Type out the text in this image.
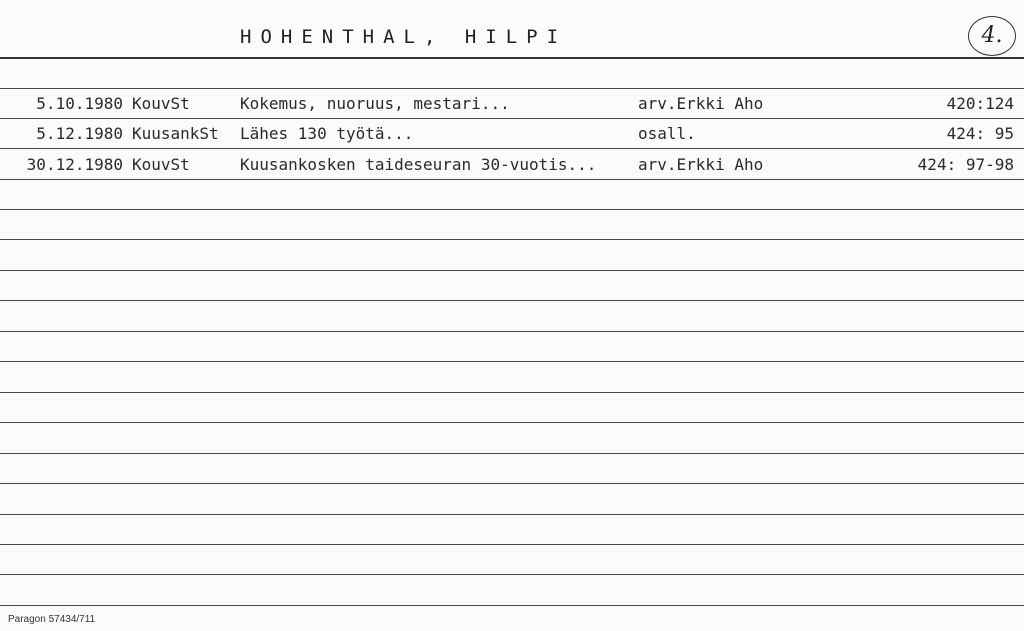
HOHENTHAL, HILPI	4.
5.10.1980 KouvSt	Kokemus, nuoruus, mestari...	arv.Erkki Aho	420:124
5.12.1980 KuusankSt Lähes 130 työtä...	osall.	424: 95
30.12.1980 KouvSt	Kuusankosken taideseuran 30-vuotis...	arv.Erkki Aho	424: 97-98
Paragon 57434/711
